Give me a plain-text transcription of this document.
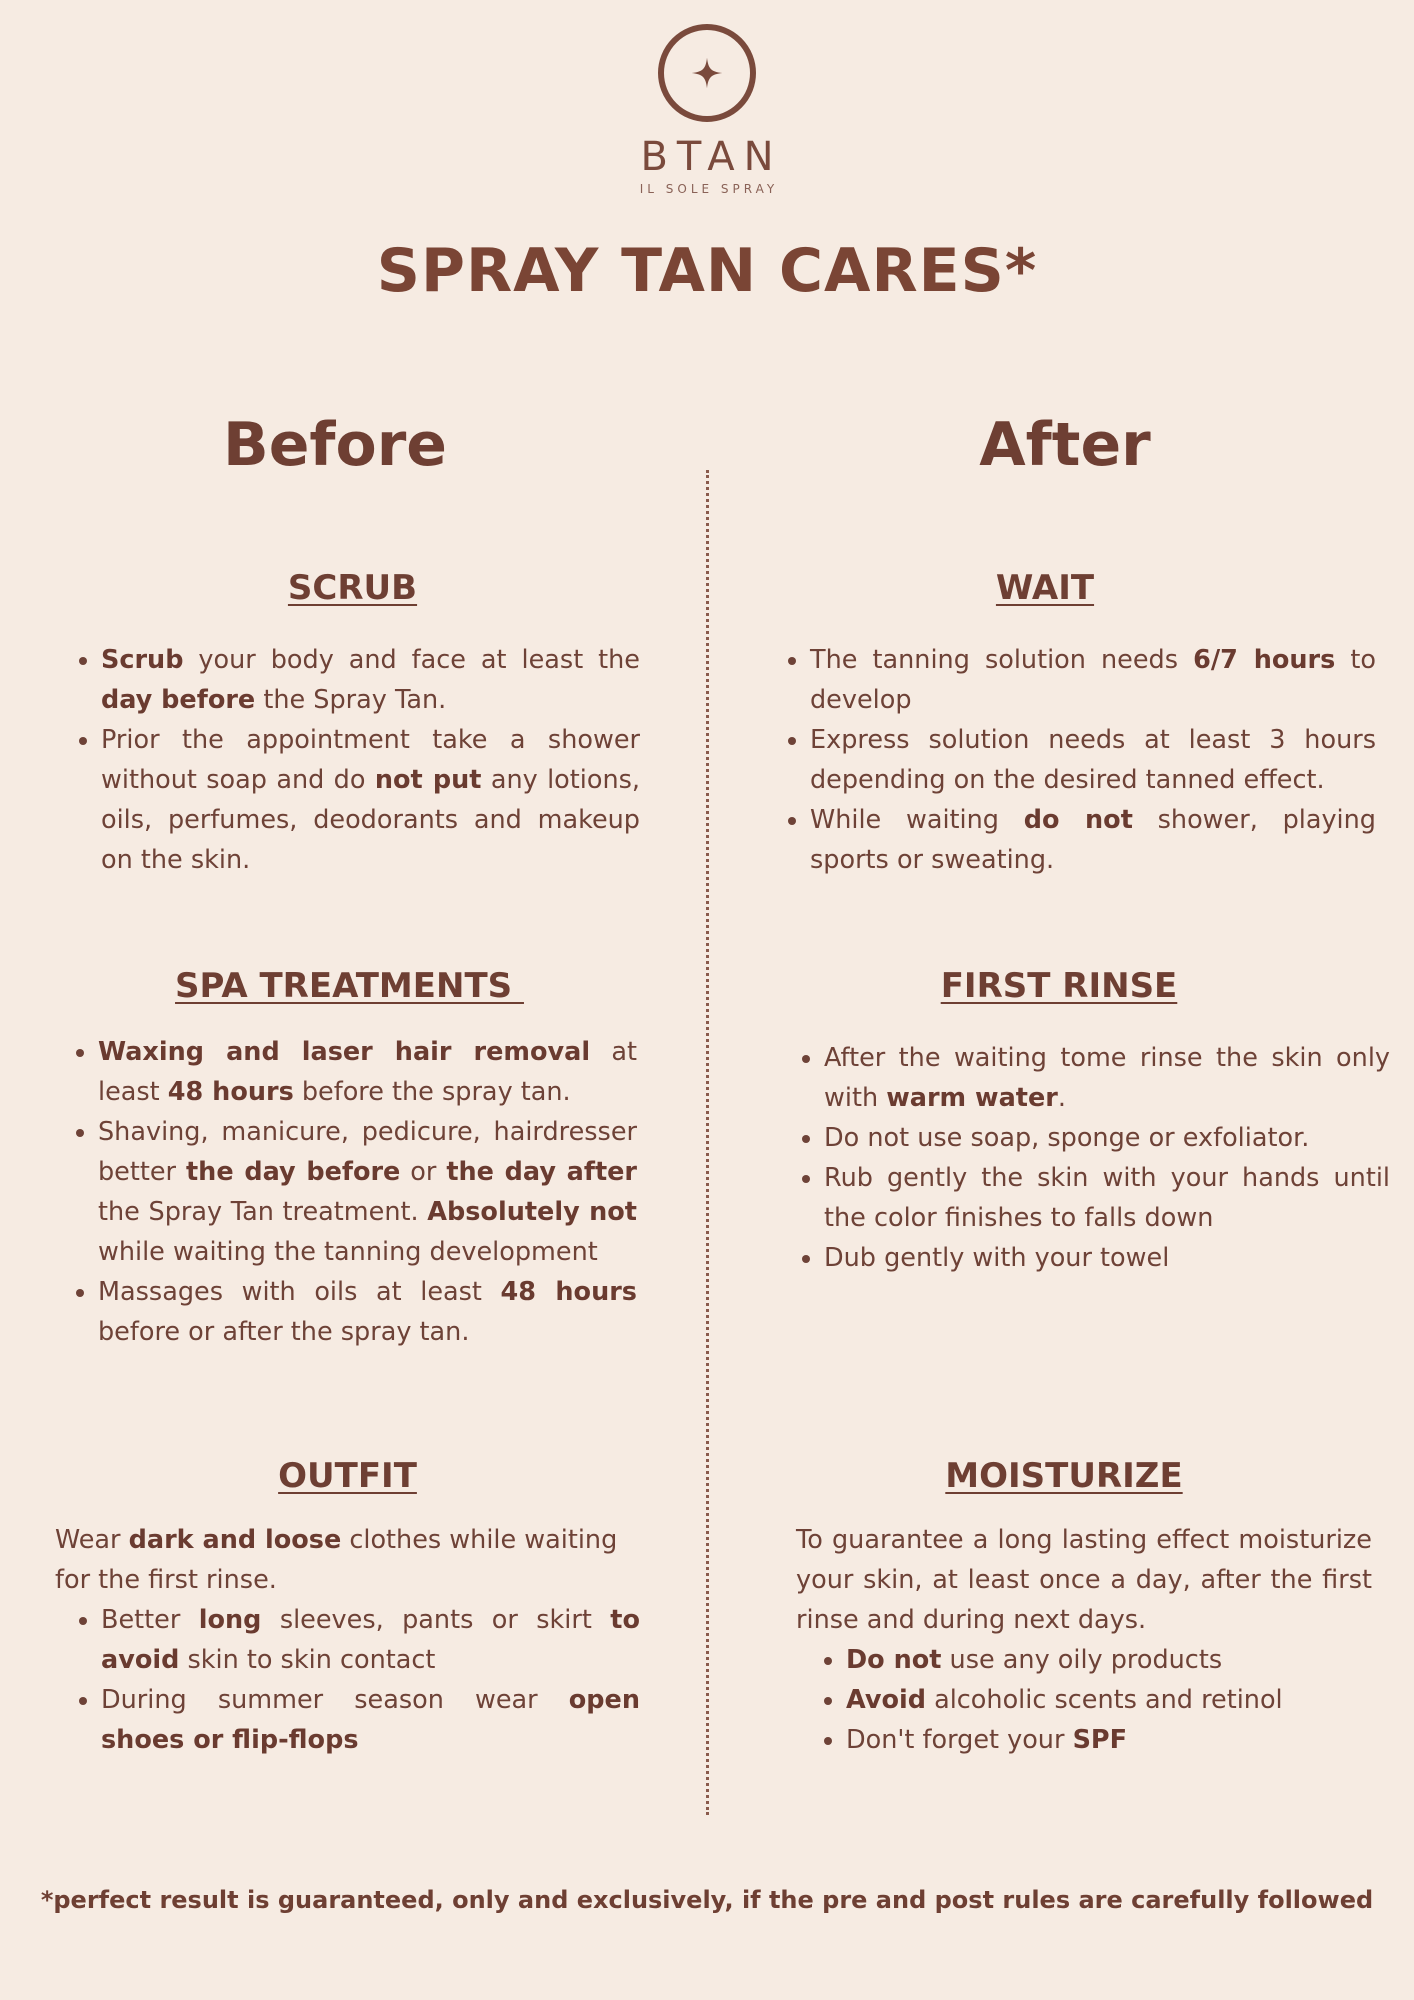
BTAN
IL SOLE SPRAY
SPRAY TAN CARES*
Before	After
SCRUB
• Scrub your body and face at least the day before the Spray Tan.
• Prior the appointment take a shower without soap and do not put any lotions, oils, perfumes, deodorants and makeup on the skin.
SPA TREATMENTS
• Waxing and laser hair removal at least 48 hours before the spray tan.
• Shaving, manicure, pedicure, hairdresser better the day before or the day after the Spray Tan treatment. Absolutely not while waiting the tanning development
• Massages with oils at least 48 hours before or after the spray tan.
OUTFIT

Wear dark and loose clothes while waiting for the first rinse.

• Better long sleeves, pants or skirt to avoid skin to skin contact
• During summer season wear open shoes or flip-flops
WAIT
• The tanning solution needs 6/7 hours to develop
• Express solution needs at least 3 hours depending on the desired tanned effect.
• While waiting do not shower, playing sports or sweating.
FIRST RINSE
• After the waiting tome rinse the skin only with warm water.
• Do not use soap, sponge or exfoliator.
• Rub gently the skin with your hands until the color finishes to falls down
• Dub gently with your towel
MOISTURIZE

To guarantee a long lasting effect moisturize your skin, at least once a day, after the first rinse and during next days.

• Do not use any oily products
• Avoid alcoholic scents and retinol
• Don't forget your SPF
*perfect result is guaranteed, only and exclusively, if the pre and post rules are carefully followed
